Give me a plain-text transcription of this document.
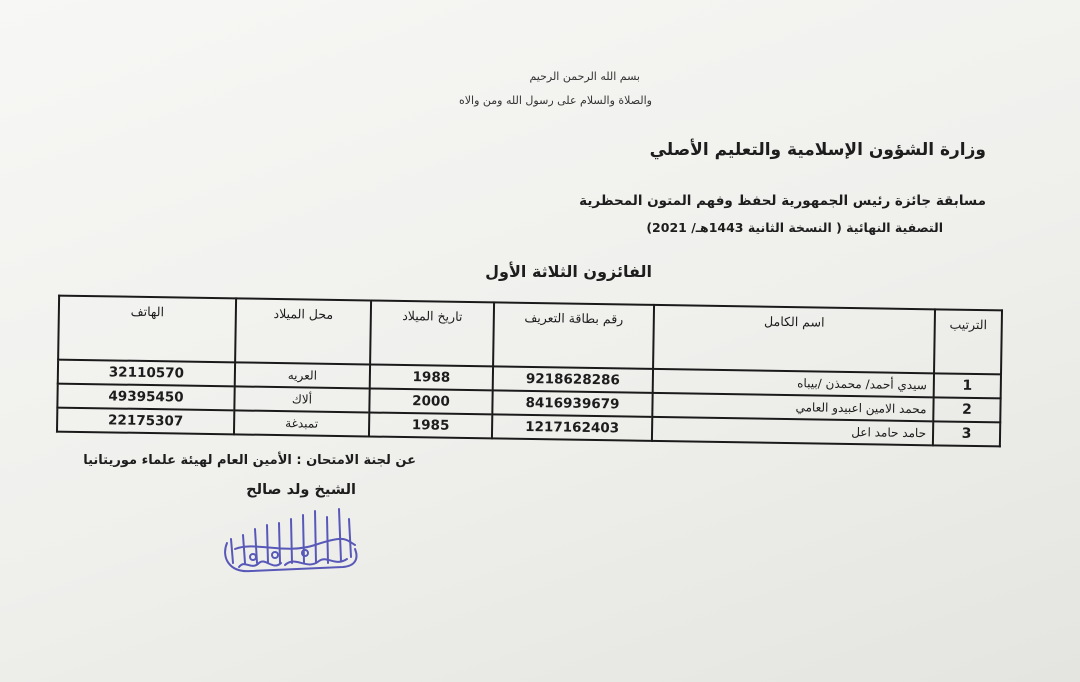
بسم الله الرحمن الرحيم
والصلاة والسلام على رسول الله ومن والاه
وزارة الشؤون الإسلامية والتعليم الأصلي
مسابقة جائزة رئيس الجمهورية لحفظ وفهم المتون المحظرية
التصفية النهائية ( النسخة الثانية 1443هـ/ 2021)
الفائزون الثلاثة الأول
الترتيب	اسم الكامل	رقم بطاقة التعريف	تاريخ الميلاد	محل الميلاد	الهاتف
1	سيدي أحمد/ محمذن /بيباه	9218628286	1988	العريه	32110570
2	محمد الامين اعبيدو العامي	8416939679	2000	ألاك	49395450
3	حامد حامد اعل	1217162403	1985	تمبدغة	22175307
عن لجنة الامتحان : الأمين العام لهيئة علماء موريتانيا
الشيخ ولد صالح
